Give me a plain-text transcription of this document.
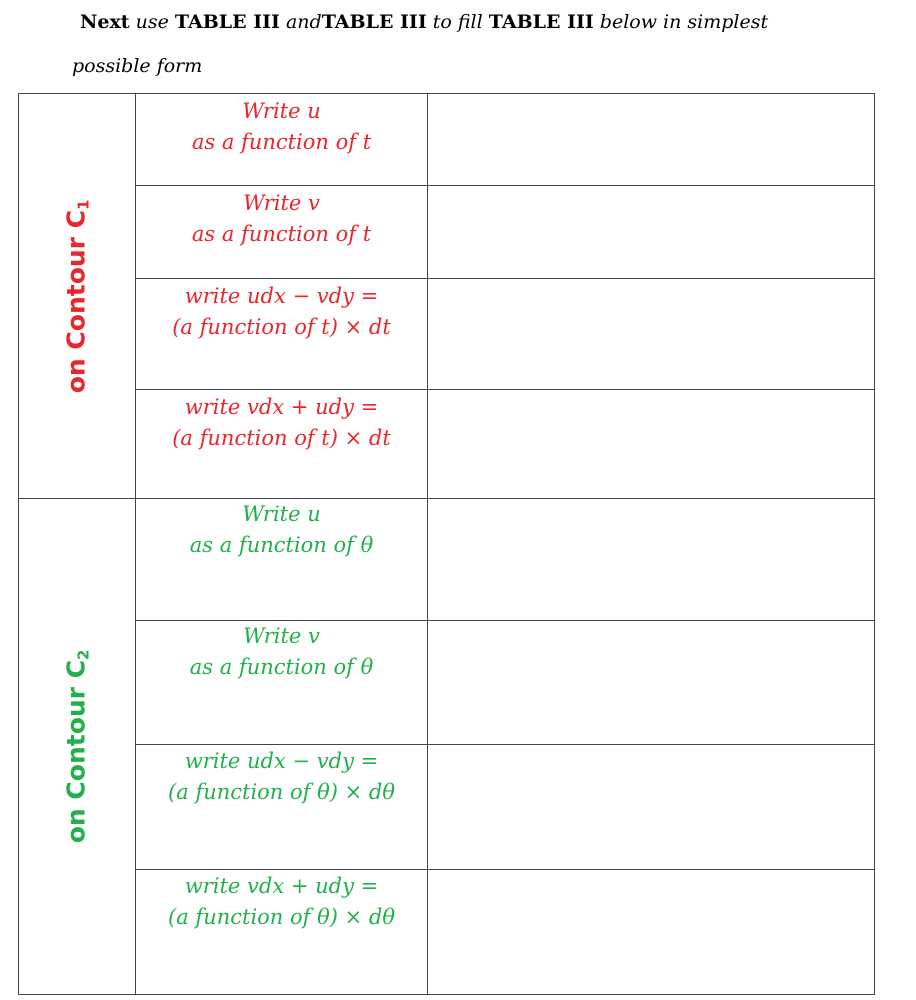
Next use TABLE III andTABLE III to fill TABLE III below in simplest
possible form
on Contour $C_1$
on Contour $C_2$
Write u
as a function of t
Write v
as a function of t
write udx − vdy =
(a function of t) × dt
write vdx + udy =
(a function of t) × dt
Write u
as a function of θ
Write v
as a function of θ
write udx − vdy =
(a function of θ) × dθ
write vdx + udy =
(a function of θ) × dθ
